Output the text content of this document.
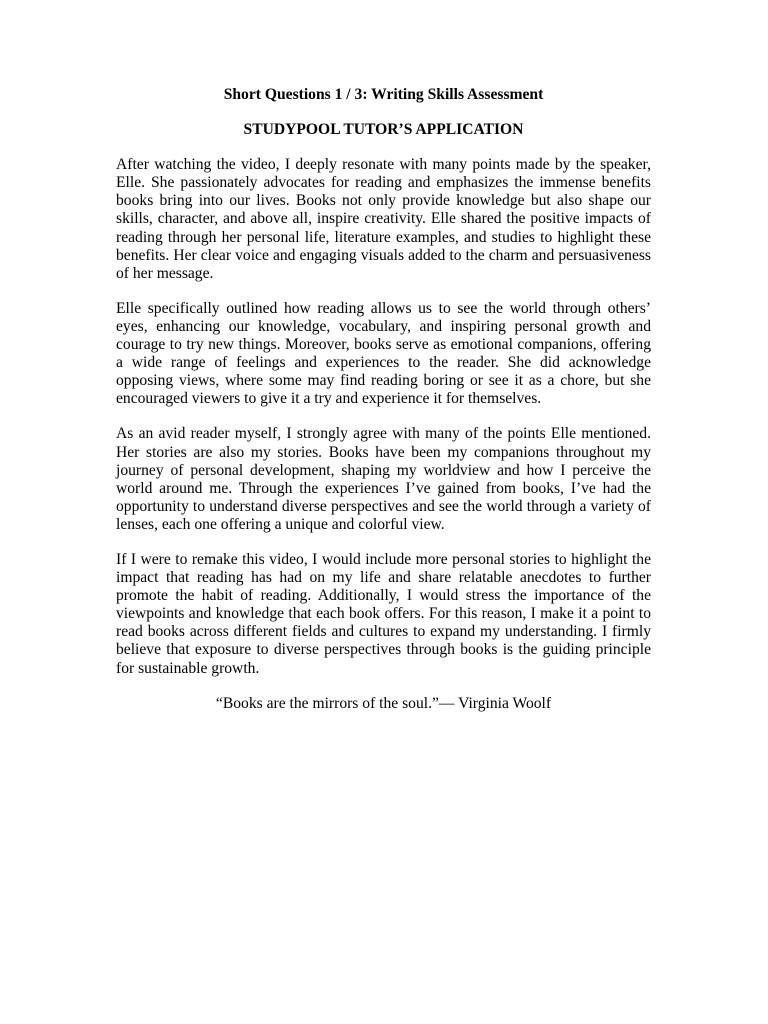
Short Questions 1 / 3: Writing Skills Assessment

STUDYPOOL TUTOR’S APPLICATION

After watching the video, I deeply resonate with many points made by the speaker, Elle. She passionately advocates for reading and emphasizes the immense benefits books bring into our lives. Books not only provide knowledge but also shape our skills, character, and above all, inspire creativity. Elle shared the positive impacts of reading through her personal life, literature examples, and studies to highlight these benefits. Her clear voice and engaging visuals added to the charm and persuasiveness of her message.

Elle specifically outlined how reading allows us to see the world through others’ eyes, enhancing our knowledge, vocabulary, and inspiring personal growth and courage to try new things. Moreover, books serve as emotional companions, offering a wide range of feelings and experiences to the reader. She did acknowledge opposing views, where some may find reading boring or see it as a chore, but she encouraged viewers to give it a try and experience it for themselves.

As an avid reader myself, I strongly agree with many of the points Elle mentioned. Her stories are also my stories. Books have been my companions throughout my journey of personal development, shaping my worldview and how I perceive the world around me. Through the experiences I’ve gained from books, I’ve had the opportunity to understand diverse perspectives and see the world through a variety of lenses, each one offering a unique and colorful view.

If I were to remake this video, I would include more personal stories to highlight the impact that reading has had on my life and share relatable anecdotes to further promote the habit of reading. Additionally, I would stress the importance of the viewpoints and knowledge that each book offers. For this reason, I make it a point to read books across different fields and cultures to expand my understanding. I firmly believe that exposure to diverse perspectives through books is the guiding principle for sustainable growth.

“Books are the mirrors of the soul.”— Virginia Woolf
